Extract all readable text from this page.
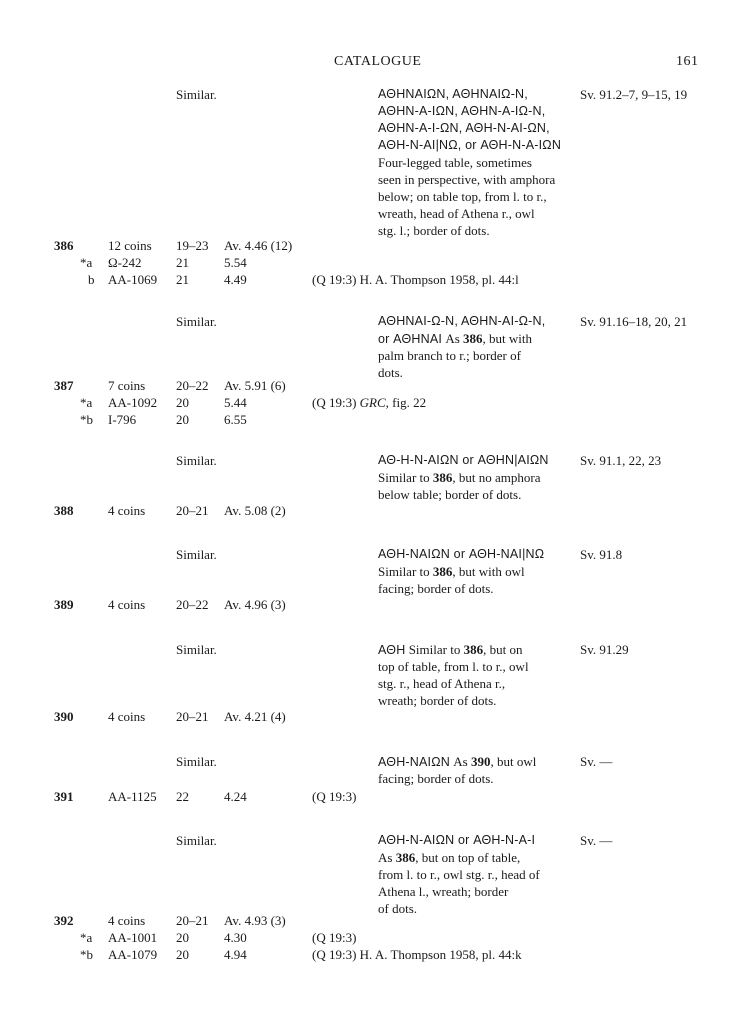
CATALOGUE	161
Similar.	ΑΘΗΝΑΙΩΝ, ΑΘΗΝΑΙΩ-Ν,
ΑΘΗΝ-Α-ΙΩΝ, ΑΘΗΝ-Α-ΙΩ-Ν,
ΑΘΗΝ-Α-Ι-ΩΝ, ΑΘΗ-Ν-ΑΙ-ΩΝ,
ΑΘΗ-Ν-ΑΙ|ΝΩ, or ΑΘΗ-Ν-Α-ΙΩΝ
Four-legged table, sometimes
seen in perspective, with amphora
below; on table top, from l. to r.,
wreath, head of Athena r., owl
stg. l.; border of dots.
Sv. 91.2–7, 9–15, 19
386	12 coins 19–23 Av. 4.46 (12)
*a Ω-242	21	5.54
b AA-1069 21	4.49	(Q 19:3) H. A. Thompson 1958, pl. 44:l
Similar.	ΑΘΗΝΑΙ-Ω-Ν, ΑΘΗΝ-ΑΙ-Ω-Ν,
or ΑΘΗΝΑΙ As 386, but with
palm branch to r.; border of
dots.
Sv. 91.16–18, 20, 21
387	7 coins 20–22 Av. 5.91 (6)
*a AA-1092 20	5.44	(Q 19:3) GRC, fig. 22
*b I-796	20	6.55
Similar.	ΑΘ-Η-Ν-ΑΙΩΝ or ΑΘΗΝ|ΑΙΩΝ
Similar to 386, but no amphora
below table; border of dots.
Sv. 91.1, 22, 23
388	4 coins 20–21 Av. 5.08 (2)
Similar.	ΑΘΗ-ΝΑΙΩΝ or ΑΘΗ-ΝΑΙ|ΝΩ
Similar to 386, but with owl
facing; border of dots.
Sv. 91.8
389	4 coins 20–22 Av. 4.96 (3)
Similar.	ΑΘΗ Similar to 386, but on
top of table, from l. to r., owl
stg. r., head of Athena r.,
wreath; border of dots.
Sv. 91.29
390	4 coins 20–21 Av. 4.21 (4)
Similar.	ΑΘΗ-ΝΑΙΩΝ As 390, but owl
facing; border of dots.
Sv. —
391	AA-1125 22	4.24	(Q 19:3)
Similar.	ΑΘΗ-Ν-ΑΙΩΝ or ΑΘΗ-Ν-Α-Ι
As 386, but on top of table,
from l. to r., owl stg. r., head of
Athena l., wreath; border
of dots.
Sv. —
392	4 coins 20–21 Av. 4.93 (3)
*a AA-1001 20	4.30	(Q 19:3)
*b AA-1079 20	4.94	(Q 19:3) H. A. Thompson 1958, pl. 44:k
